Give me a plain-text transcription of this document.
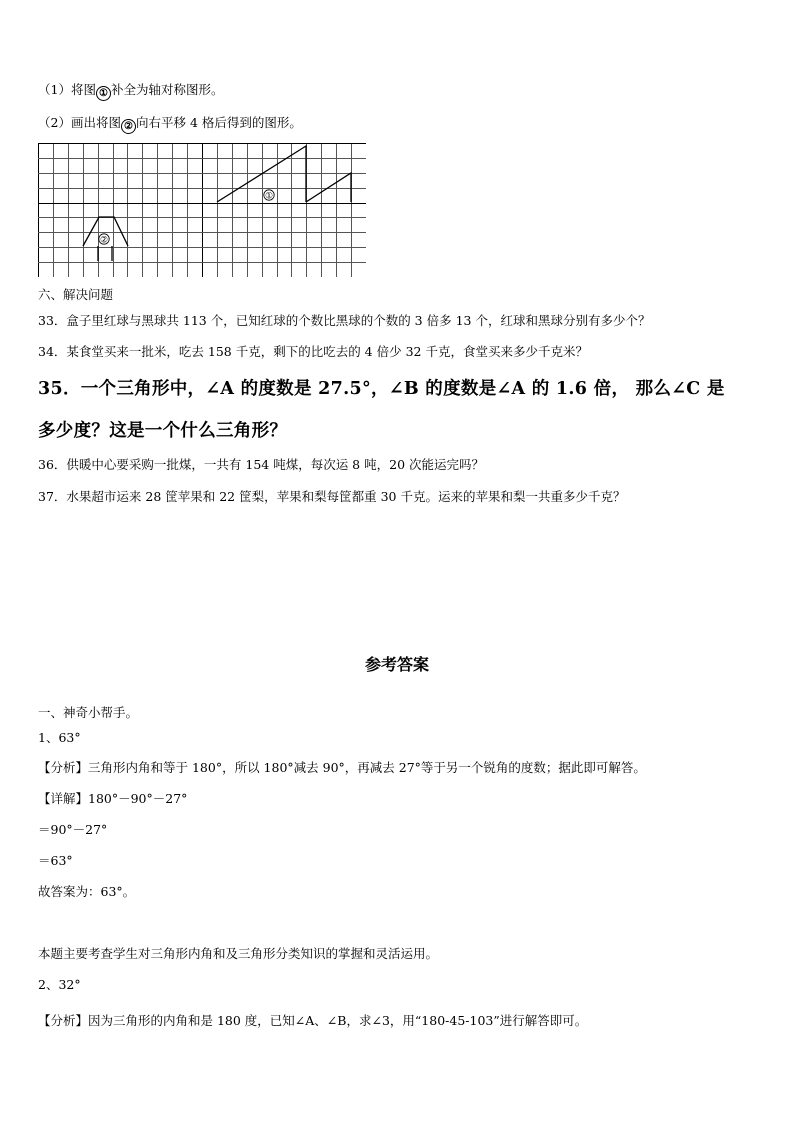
（1）将图 ① 补全为轴对称图形。
（2）画出将图 ② 向右平移 4 格后得到的图形。
①
②
六、解决问题
33．盒子里红球与黑球共 113 个，已知红球的个数比黑球的个数的 3 倍多 13 个，红球和黑球分别有多少个？
34．某食堂买来一批米，吃去 158 千克，剩下的比吃去的 4 倍少 32 千克，食堂买来多少千克米？
35．一个三角形中，∠A 的度数是 27.5°，∠B 的度数是∠A 的 1.6 倍， 那么∠C 是
多少度？这是一个什么三角形？
36．供暖中心要采购一批煤，一共有 154 吨煤，每次运 8 吨，20 次能运完吗？
37．水果超市运来 28 筐苹果和 22 筐梨，苹果和梨每筐都重 30 千克。运来的苹果和梨一共重多少千克？
参考答案
一、神奇小帮手。
1、63°
【分析】三角形内角和等于 180°，所以 180°减去 90°，再减去 27°等于另一个锐角的度数；据此即可解答。
【详解】180°－90°－27°
＝90°－27°
＝63°
故答案为：63°。
本题主要考查学生对三角形内角和及三角形分类知识的掌握和灵活运用。
2、32°
【分析】因为三角形的内角和是 180 度，已知∠A、∠B，求∠3，用“180-45-103”进行解答即可。
